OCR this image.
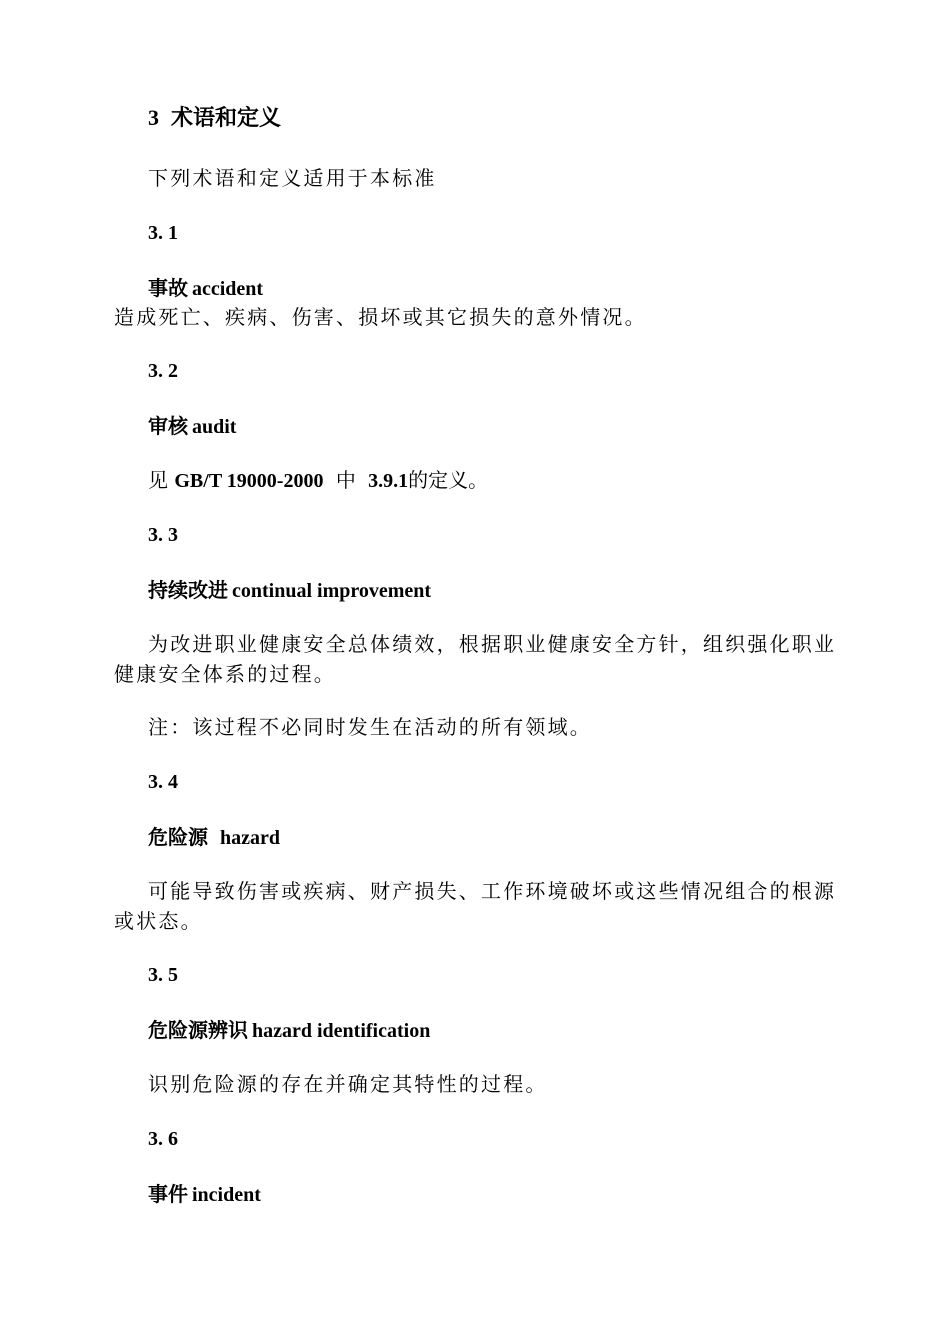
3 术语和定义
下列术语和定义适用于本标准
3. 1
事故 accident
造成死亡、疾病、伤害、损坏或其它损失的意外情况。
3. 2
审核 audit
见 GB/T 19000-2000 中 3.9.1的定义。
3. 3
持续改进 continual improvement
为改进职业健康安全总体绩效，根据职业健康安全方针，组织强化职业
健康安全体系的过程。
注：该过程不必同时发生在活动的所有领域。
3. 4
危险源 hazard
可能导致伤害或疾病、财产损失、工作环境破坏或这些情况组合的根源
或状态。
3. 5
危险源辨识 hazard identification
识别危险源的存在并确定其特性的过程。
3. 6
事件 incident
